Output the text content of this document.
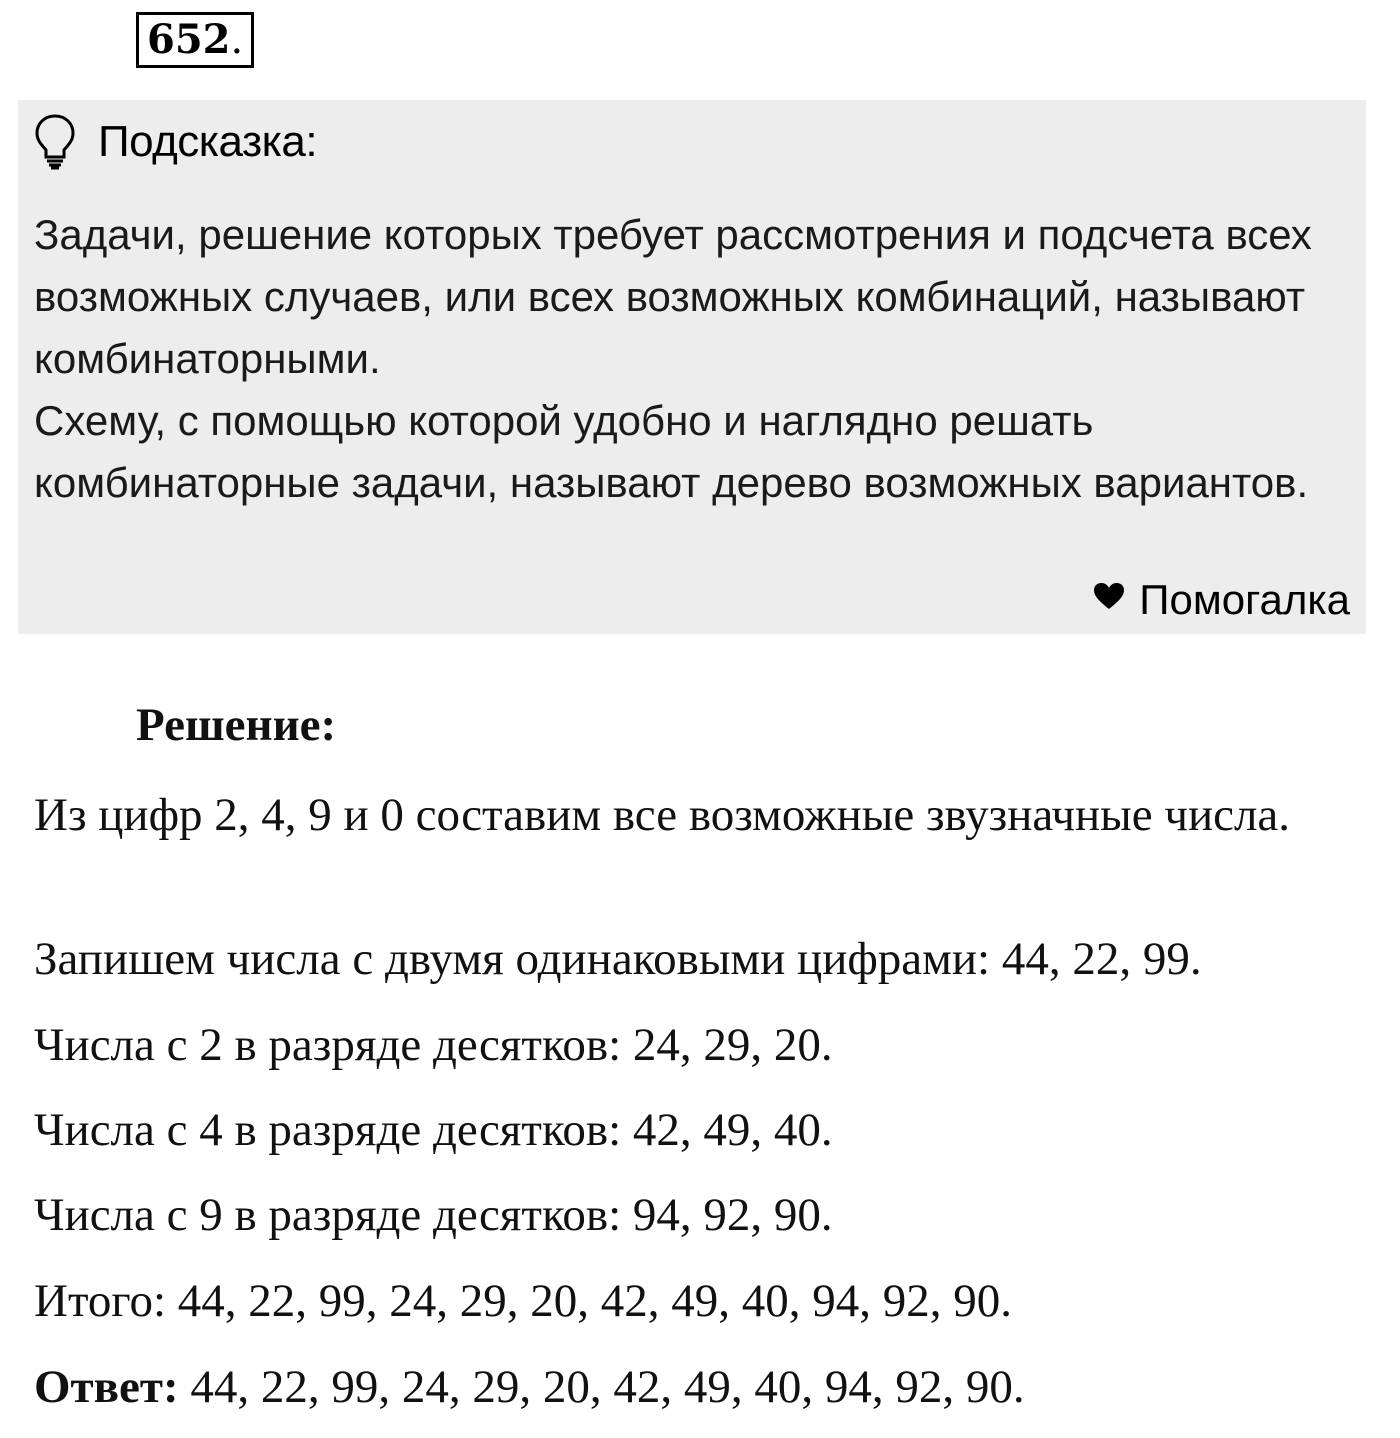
652.
Подсказка:

Задачи, решение которых требует рассмотрения и подсчета всех возможных случаев, или всех возможных комбинаций, называют комбинаторными.

Схему, с помощью которой удобно и наглядно решать комбинаторные задачи, называют дерево возможных вариантов.

Помогалка

Решение:

Из цифр 2, 4, 9 и 0 составим все возможные звузначные числа.

Запишем числа с двумя одинаковыми цифрами: 44, 22, 99.

Числа с 2 в разряде десятков: 24, 29, 20.

Числа с 4 в разряде десятков: 42, 49, 40.

Числа с 9 в разряде десятков: 94, 92, 90.

Итого: 44, 22, 99, 24, 29, 20, 42, 49, 40, 94, 92, 90.

Ответ: 44, 22, 99, 24, 29, 20, 42, 49, 40, 94, 92, 90.
